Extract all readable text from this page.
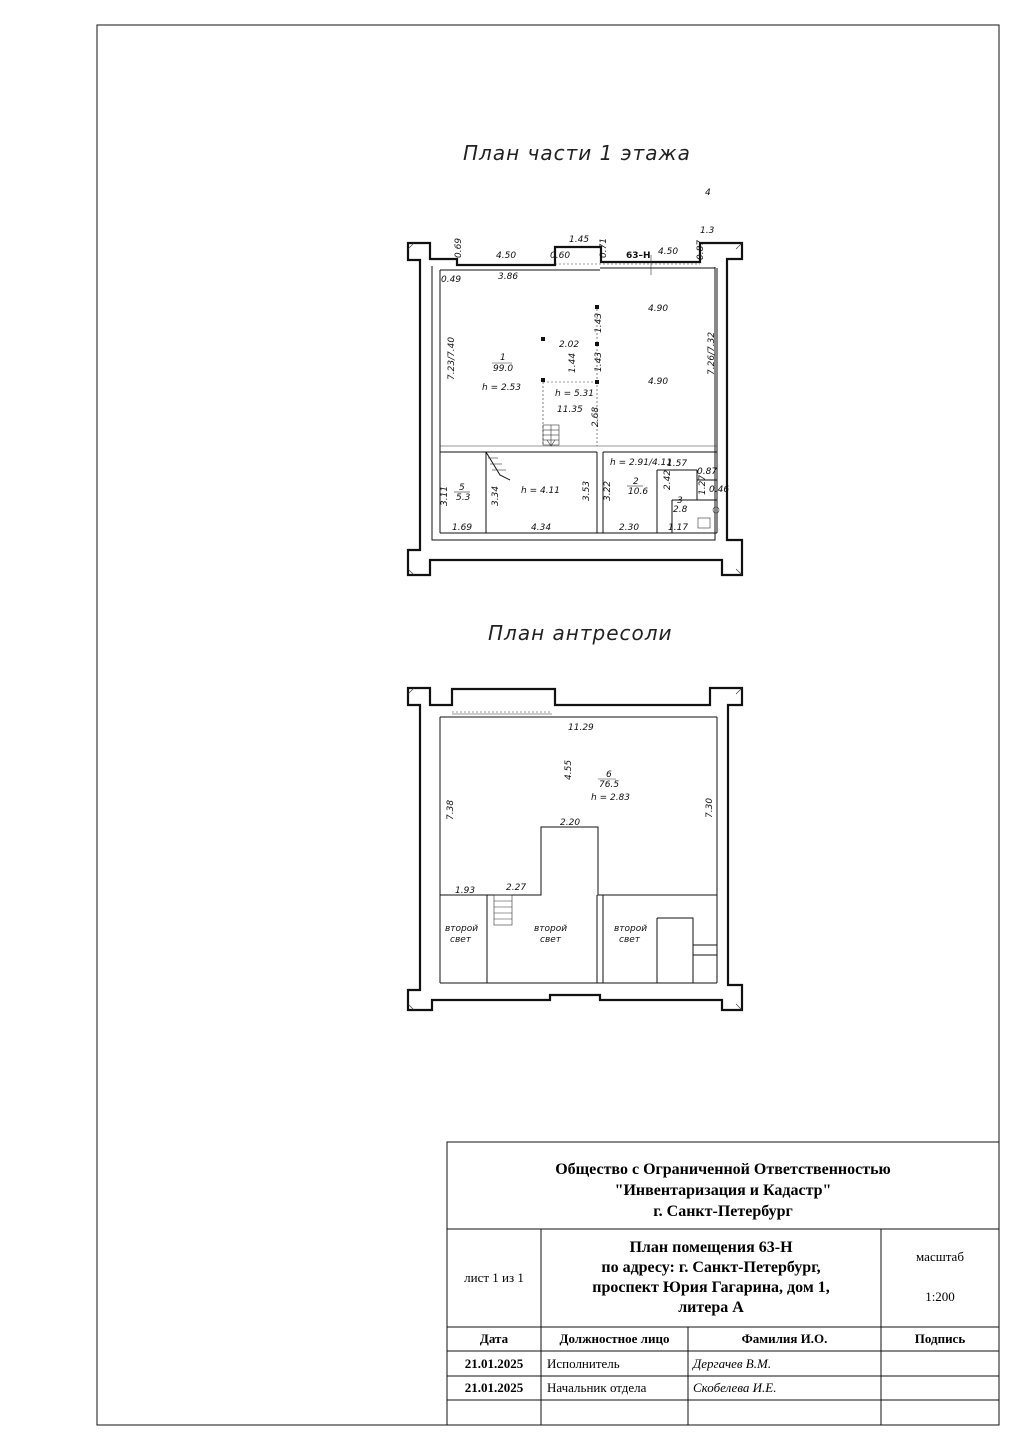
План части 1 этажа
4.50	0.60
1.45 0.71 63–Н 4.50 0.87
0.69
3.86
0.49
4.90
4.90
2.02
1.44
1.43
1.43
7.23/7.40	7.26/7.32
11.35 2.68
1
99.0
h = 2.53
h = 5.31
5
5.3
3.11	3.34 h = 4.11 3.53 3.22
h = 2.91/4.11
1.57
2
10.6
2.42	0.87
1.27 0.46
3
2.8
4
1.3
1.69	4.34	2.30	1.17
План антресоли
11.29
4.55	6
76.5
h = 2.83
7.38	7.30
2.20
1.93	2.27
второй
свет
второй
свет
второй
свет
Общество с Ограниченной Ответственностью
"Инвентаризация и Кадастр"
г. Санкт-Петербург
лист 1 из 1
План помещения 63-Н
по адресу: г. Санкт-Петербург,
проспект Юрия Гагарина, дом 1,
литера А
масштаб
1:200
Дата	Должностное лицо	Фамилия И.О.	Подпись
21.01.2025	Исполнитель	Дергачев В.М.
21.01.2025	Начальник отдела	Скобелева И.Е.
